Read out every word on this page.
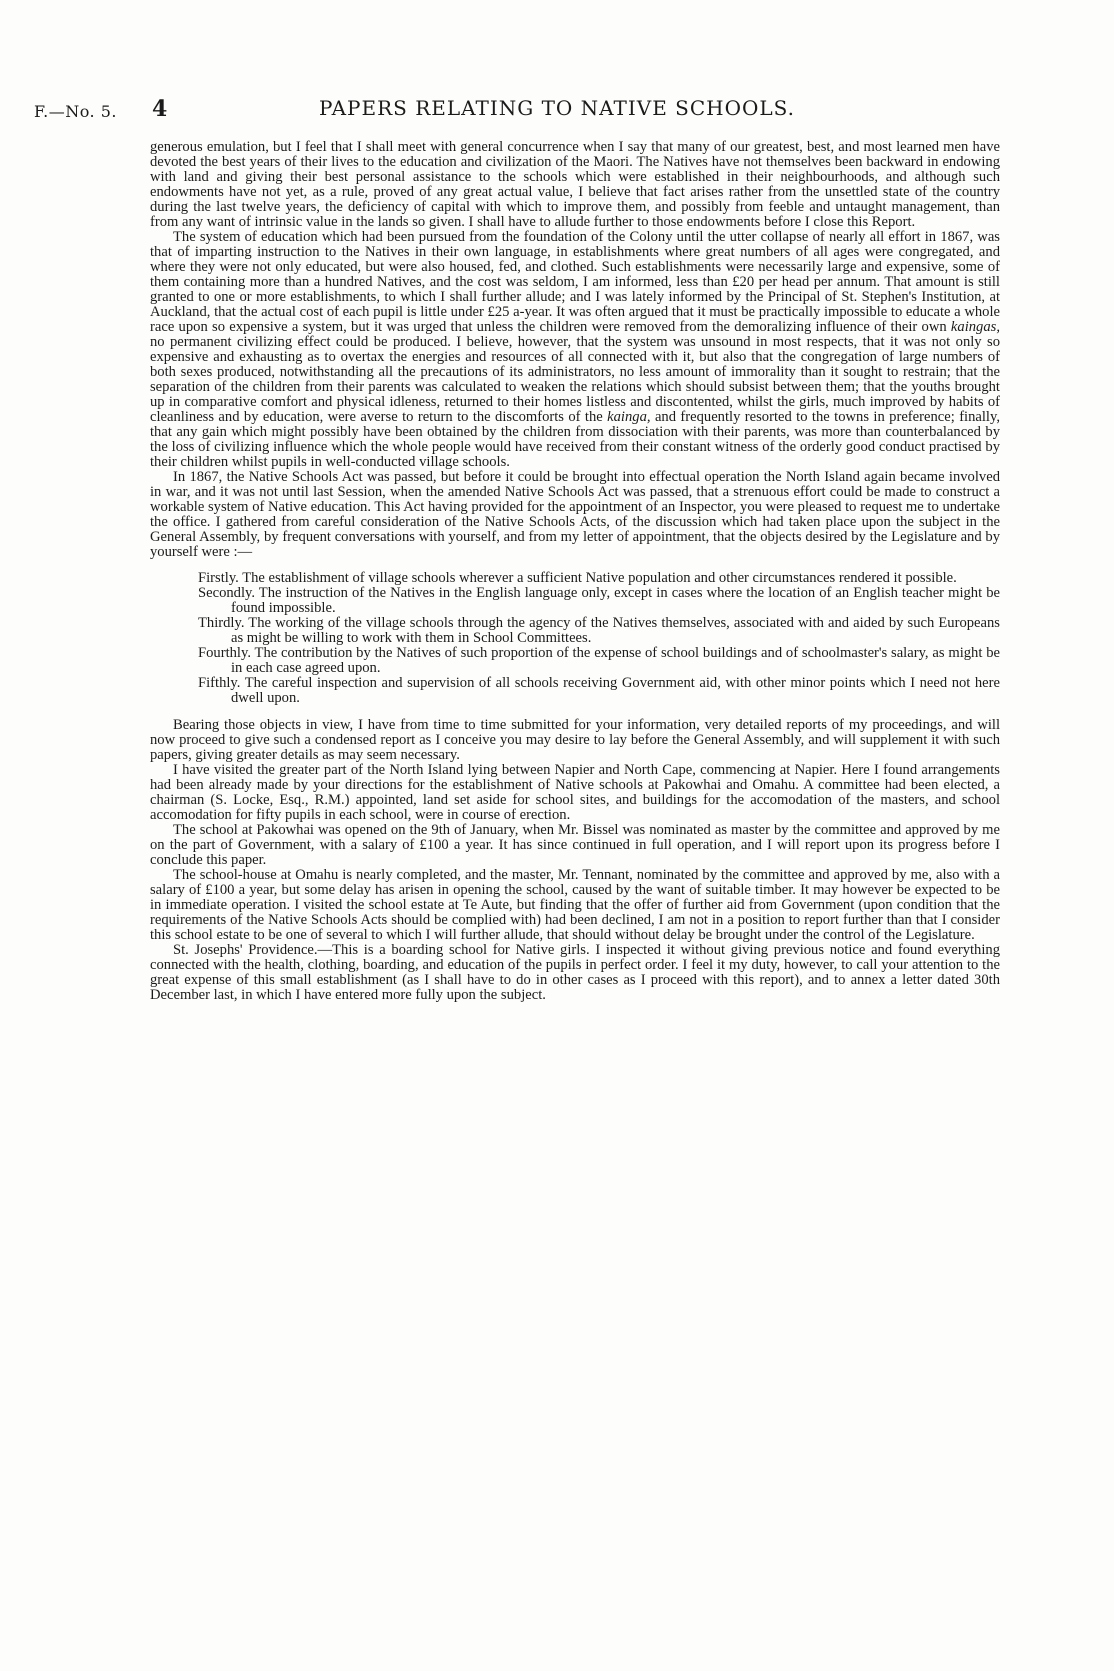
F.—No. 5. 4	PAPERS RELATING TO NATIVE SCHOOLS.

generous emulation, but I feel that I shall meet with general concurrence when I say that many of our greatest, best, and most learned men have devoted the best years of their lives to the education and civilization of the Maori. The Natives have not themselves been backward in endowing with land and giving their best personal assistance to the schools which were established in their neighbourhoods, and although such endowments have not yet, as a rule, proved of any great actual value, I believe that fact arises rather from the unsettled state of the country during the last twelve years, the deficiency of capital with which to improve them, and possibly from feeble and untaught management, than from any want of intrinsic value in the lands so given. I shall have to allude further to those endowments before I close this Report.

The system of education which had been pursued from the foundation of the Colony until the utter collapse of nearly all effort in 1867, was that of imparting instruction to the Natives in their own language, in establishments where great numbers of all ages were congregated, and where they were not only educated, but were also housed, fed, and clothed. Such establishments were necessarily large and expensive, some of them containing more than a hundred Natives, and the cost was seldom, I am informed, less than £20 per head per annum. That amount is still granted to one or more establishments, to which I shall further allude; and I was lately informed by the Principal of St. Stephen's Institution, at Auckland, that the actual cost of each pupil is little under £25 a-year. It was often argued that it must be practically impossible to educate a whole race upon so expensive a system, but it was urged that unless the children were removed from the demoralizing influence of their own kaingas, no permanent civilizing effect could be produced. I believe, however, that the system was unsound in most respects, that it was not only so expensive and exhausting as to overtax the energies and resources of all connected with it, but also that the congregation of large numbers of both sexes produced, notwithstanding all the precautions of its administrators, no less amount of immorality than it sought to restrain; that the separation of the children from their parents was calculated to weaken the relations which should subsist between them; that the youths brought up in comparative comfort and physical idleness, returned to their homes listless and discontented, whilst the girls, much improved by habits of cleanliness and by education, were averse to return to the discomforts of the kainga, and frequently resorted to the towns in preference; finally, that any gain which might possibly have been obtained by the children from dissociation with their parents, was more than counterbalanced by the loss of civilizing influence which the whole people would have received from their constant witness of the orderly good conduct practised by their children whilst pupils in well-conducted village schools.

In 1867, the Native Schools Act was passed, but before it could be brought into effectual operation the North Island again became involved in war, and it was not until last Session, when the amended Native Schools Act was passed, that a strenuous effort could be made to construct a workable system of Native education. This Act having provided for the appointment of an Inspector, you were pleased to request me to undertake the office. I gathered from careful consideration of the Native Schools Acts, of the discussion which had taken place upon the subject in the General Assembly, by frequent conversations with yourself, and from my letter of appointment, that the objects desired by the Legislature and by yourself were :—

Firstly. The establishment of village schools wherever a sufficient Native population and other circumstances rendered it possible.

Secondly. The instruction of the Natives in the English language only, except in cases where the location of an English teacher might be found impossible.

Thirdly. The working of the village schools through the agency of the Natives themselves, associated with and aided by such Europeans as might be willing to work with them in School Committees.

Fourthly. The contribution by the Natives of such proportion of the expense of school buildings and of schoolmaster's salary, as might be in each case agreed upon.

Fifthly. The careful inspection and supervision of all schools receiving Government aid, with other minor points which I need not here dwell upon.

Bearing those objects in view, I have from time to time submitted for your information, very detailed reports of my proceedings, and will now proceed to give such a condensed report as I conceive you may desire to lay before the General Assembly, and will supplement it with such papers, giving greater details as may seem necessary.

I have visited the greater part of the North Island lying between Napier and North Cape, commencing at Napier. Here I found arrangements had been already made by your directions for the establishment of Native schools at Pakowhai and Omahu. A committee had been elected, a chairman (S. Locke, Esq., R.M.) appointed, land set aside for school sites, and buildings for the accomodation of the masters, and school accomodation for fifty pupils in each school, were in course of erection.

The school at Pakowhai was opened on the 9th of January, when Mr. Bissel was nominated as master by the committee and approved by me on the part of Government, with a salary of £100 a year. It has since continued in full operation, and I will report upon its progress before I conclude this paper.

The school-house at Omahu is nearly completed, and the master, Mr. Tennant, nominated by the committee and approved by me, also with a salary of £100 a year, but some delay has arisen in opening the school, caused by the want of suitable timber. It may however be expected to be in immediate operation. I visited the school estate at Te Aute, but finding that the offer of further aid from Government (upon condition that the requirements of the Native Schools Acts should be complied with) had been declined, I am not in a position to report further than that I consider this school estate to be one of several to which I will further allude, that should without delay be brought under the control of the Legislature.

St. Josephs' Providence.—This is a boarding school for Native girls. I inspected it without giving previous notice and found everything connected with the health, clothing, boarding, and education of the pupils in perfect order. I feel it my duty, however, to call your attention to the great expense of this small establishment (as I shall have to do in other cases as I proceed with this report), and to annex a letter dated 30th December last, in which I have entered more fully upon the subject.
